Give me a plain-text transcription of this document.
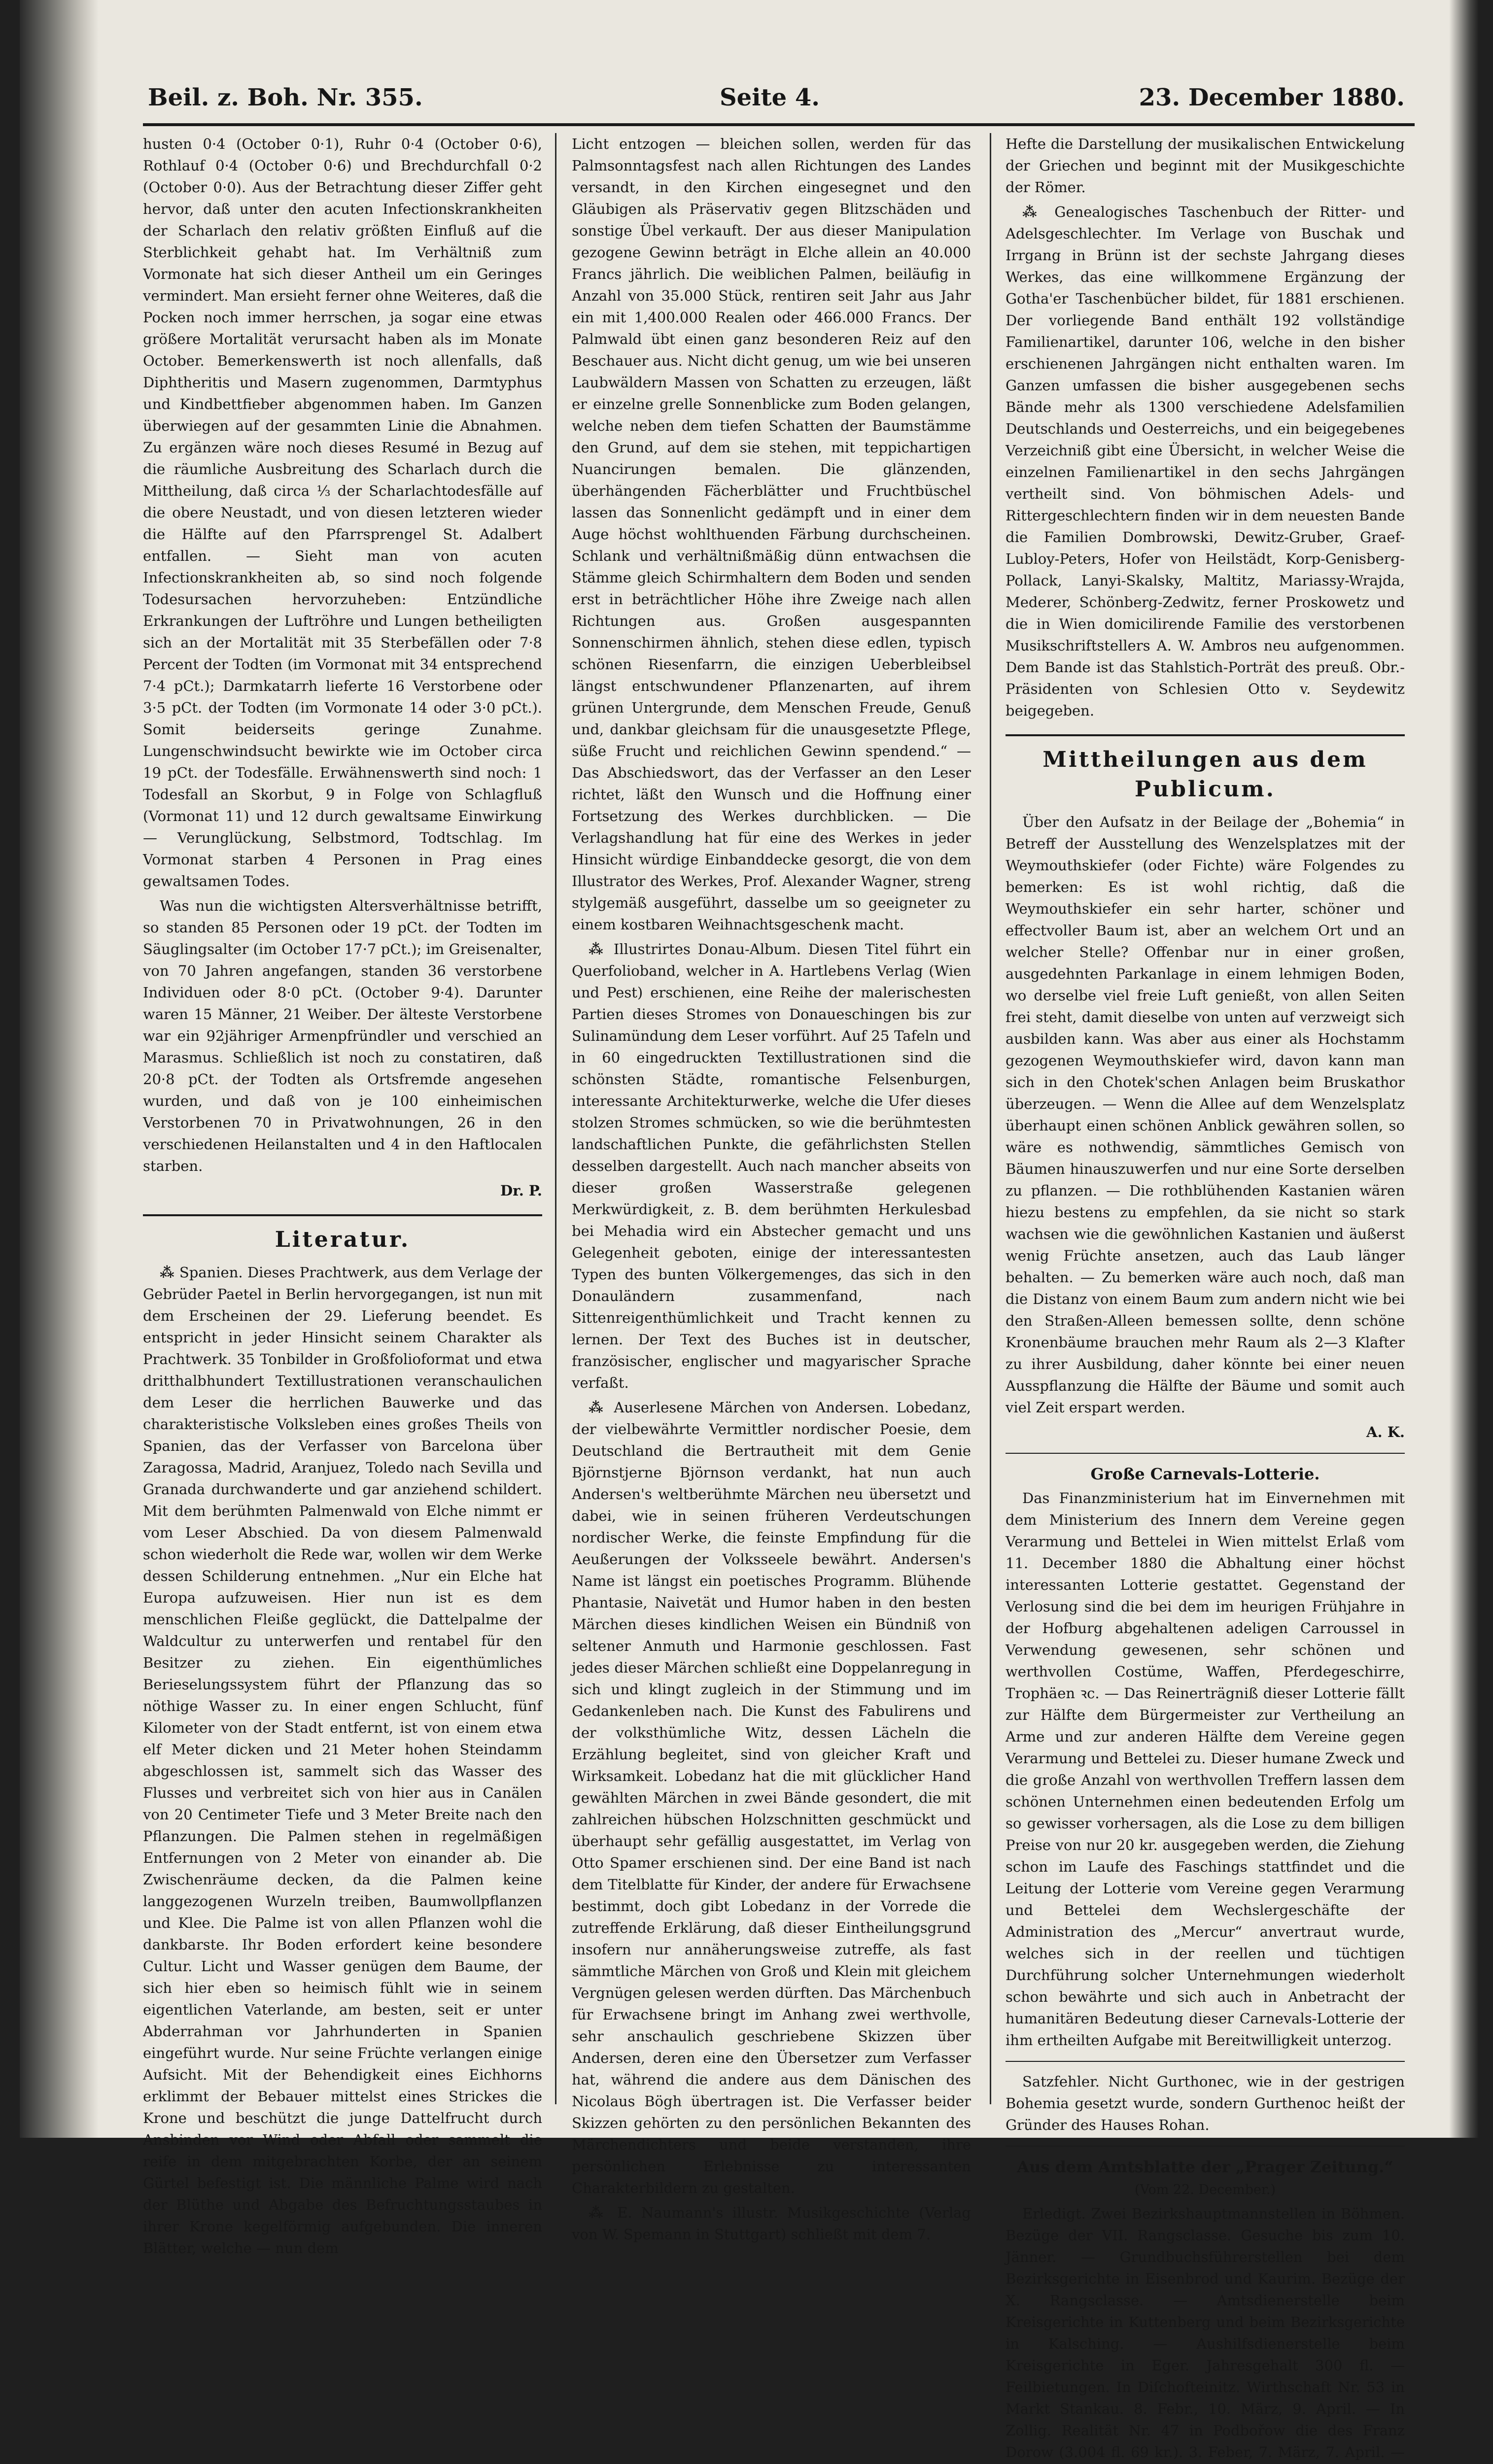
Beil. z. Boh. Nr. 355.	Seite 4.	23. December 1880.

husten 0·4 (October 0·1), Ruhr 0·4 (October 0·6), Rothlauf 0·4 (October 0·6) und Brechdurchfall 0·2 (October 0·0). Aus der Betrachtung dieser Ziffer geht hervor, daß unter den acuten Infectionskrankheiten der Scharlach den relativ größten Einfluß auf die Sterblichkeit gehabt hat. Im Verhältniß zum Vormonate hat sich dieser Antheil um ein Geringes vermindert. Man ersieht ferner ohne Weiteres, daß die Pocken noch immer herrschen, ja sogar eine etwas größere Mortalität verursacht haben als im Monate October. Bemerkenswerth ist noch allenfalls, daß Diphtheritis und Masern zugenommen, Darmtyphus und Kindbettfieber abgenommen haben. Im Ganzen überwiegen auf der gesammten Linie die Abnahmen. Zu ergänzen wäre noch dieses Resumé in Bezug auf die räumliche Ausbreitung des Scharlach durch die Mittheilung, daß circa ⅓ der Scharlachtodesfälle auf die obere Neustadt, und von diesen letzteren wieder die Hälfte auf den Pfarrsprengel St. Adalbert entfallen. — Sieht man von acuten Infectionskrankheiten ab, so sind noch folgende Todesursachen hervorzuheben: Entzündliche Erkrankungen der Luftröhre und Lungen betheiligten sich an der Mortalität mit 35 Sterbefällen oder 7·8 Percent der Todten (im Vormonat mit 34 entsprechend 7·4 pCt.); Darmkatarrh lieferte 16 Verstorbene oder 3·5 pCt. der Todten (im Vormonate 14 oder 3·0 pCt.). Somit beiderseits geringe Zunahme. Lungenschwindsucht bewirkte wie im October circa 19 pCt. der Todesfälle. Erwähnenswerth sind noch: 1 Todesfall an Skorbut, 9 in Folge von Schlagfluß (Vormonat 11) und 12 durch gewaltsame Einwirkung — Verunglückung, Selbstmord, Todtschlag. Im Vormonat starben 4 Personen in Prag eines gewaltsamen Todes.

Was nun die wichtigsten Altersverhältnisse betrifft, so standen 85 Personen oder 19 pCt. der Todten im Säuglingsalter (im October 17·7 pCt.); im Greisenalter, von 70 Jahren angefangen, standen 36 verstorbene Individuen oder 8·0 pCt. (October 9·4). Darunter waren 15 Männer, 21 Weiber. Der älteste Verstorbene war ein 92jähriger Armenpfründler und verschied an Marasmus. Schließlich ist noch zu constatiren, daß 20·8 pCt. der Todten als Ortsfremde angesehen wurden, und daß von je 100 einheimischen Verstorbenen 70 in Privatwohnungen, 26 in den verschiedenen Heilanstalten und 4 in den Haftlocalen starben.

Dr. P.
Literatur.

⁂ Spanien. Dieses Prachtwerk, aus dem Verlage der Gebrüder Paetel in Berlin hervorgegangen, ist nun mit dem Erscheinen der 29. Lieferung beendet. Es entspricht in jeder Hinsicht seinem Charakter als Prachtwerk. 35 Tonbilder in Großfolioformat und etwa dritthalbhundert Textillustrationen veranschaulichen dem Leser die herrlichen Bauwerke und das charakteristische Volksleben eines großes Theils von Spanien, das der Verfasser von Barcelona über Zaragossa, Madrid, Aranjuez, Toledo nach Sevilla und Granada durchwanderte und gar anziehend schildert. Mit dem berühmten Palmenwald von Elche nimmt er vom Leser Abschied. Da von diesem Palmenwald schon wiederholt die Rede war, wollen wir dem Werke dessen Schilderung entnehmen. „Nur ein Elche hat Europa aufzuweisen. Hier nun ist es dem menschlichen Fleiße geglückt, die Dattelpalme der Waldcultur zu unterwerfen und rentabel für den Besitzer zu ziehen. Ein eigenthümliches Berieselungssystem führt der Pflanzung das so nöthige Wasser zu. In einer engen Schlucht, fünf Kilometer von der Stadt entfernt, ist von einem etwa elf Meter dicken und 21 Meter hohen Steindamm abgeschlossen ist, sammelt sich das Wasser des Flusses und verbreitet sich von hier aus in Canälen von 20 Centimeter Tiefe und 3 Meter Breite nach den Pflanzungen. Die Palmen stehen in regelmäßigen Entfernungen von 2 Meter von einander ab. Die Zwischenräume decken, da die Palmen keine langgezogenen Wurzeln treiben, Baumwollpflanzen und Klee. Die Palme ist von allen Pflanzen wohl die dankbarste. Ihr Boden erfordert keine besondere Cultur. Licht und Wasser genügen dem Baume, der sich hier eben so heimisch fühlt wie in seinem eigentlichen Vaterlande, am besten, seit er unter Abderrahman vor Jahrhunderten in Spanien eingeführt wurde. Nur seine Früchte verlangen einige Aufsicht. Mit der Behendigkeit eines Eichhorns erklimmt der Bebauer mittelst eines Strickes die Krone und beschützt die junge Dattelfrucht durch Ansbinden vor Wind oder Abfall oder sammelt die reife in dem mitgebrachten Korbe, der an seinem Gürtel befestigt ist. Die männliche Palme wird nach der Blüthe und Abgabe des Befruchtungsstaubes in ihrer Krone kegelförmig aufgebunden. Die inneren Blätter, welche — nun dem

Licht entzogen — bleichen sollen, werden für das Palmsonntagsfest nach allen Richtungen des Landes versandt, in den Kirchen eingesegnet und den Gläubigen als Präservativ gegen Blitzschäden und sonstige Übel verkauft. Der aus dieser Manipulation gezogene Gewinn beträgt in Elche allein an 40.000 Francs jährlich. Die weiblichen Palmen, beiläufig in Anzahl von 35.000 Stück, rentiren seit Jahr aus Jahr ein mit 1,400.000 Realen oder 466.000 Francs. Der Palmwald übt einen ganz besonderen Reiz auf den Beschauer aus. Nicht dicht genug, um wie bei unseren Laubwäldern Massen von Schatten zu erzeugen, läßt er einzelne grelle Sonnenblicke zum Boden gelangen, welche neben dem tiefen Schatten der Baumstämme den Grund, auf dem sie stehen, mit teppichartigen Nuancirungen bemalen. Die glänzenden, überhängenden Fächerblätter und Fruchtbüschel lassen das Sonnenlicht gedämpft und in einer dem Auge höchst wohlthuenden Färbung durchscheinen. Schlank und verhältnißmäßig dünn entwachsen die Stämme gleich Schirmhaltern dem Boden und senden erst in beträchtlicher Höhe ihre Zweige nach allen Richtungen aus. Großen ausgespannten Sonnenschirmen ähnlich, stehen diese edlen, typisch schönen Riesenfarrn, die einzigen Ueberbleibsel längst entschwundener Pflanzenarten, auf ihrem grünen Untergrunde, dem Menschen Freude, Genuß und, dankbar gleichsam für die unausgesetzte Pflege, süße Frucht und reichlichen Gewinn spendend.“ — Das Abschiedswort, das der Verfasser an den Leser richtet, läßt den Wunsch und die Hoffnung einer Fortsetzung des Werkes durchblicken. — Die Verlagshandlung hat für eine des Werkes in jeder Hinsicht würdige Einbanddecke gesorgt, die von dem Illustrator des Werkes, Prof. Alexander Wagner, streng stylgemäß ausgeführt, dasselbe um so geeigneter zu einem kostbaren Weihnachtsgeschenk macht.

⁂ Illustrirtes Donau-Album. Diesen Titel führt ein Querfolioband, welcher in A. Hartlebens Verlag (Wien und Pest) erschienen, eine Reihe der malerischesten Partien dieses Stromes von Donaueschingen bis zur Sulinamündung dem Leser vorführt. Auf 25 Tafeln und in 60 eingedruckten Textillustrationen sind die schönsten Städte, romantische Felsenburgen, interessante Architekturwerke, welche die Ufer dieses stolzen Stromes schmücken, so wie die berühmtesten landschaftlichen Punkte, die gefährlichsten Stellen desselben dargestellt. Auch nach mancher abseits von dieser großen Wasserstraße gelegenen Merkwürdigkeit, z. B. dem berühmten Herkulesbad bei Mehadia wird ein Abstecher gemacht und uns Gelegenheit geboten, einige der interessantesten Typen des bunten Völkergemenges, das sich in den Donauländern zusammenfand, nach Sittenreigenthümlichkeit und Tracht kennen zu lernen. Der Text des Buches ist in deutscher, französischer, englischer und magyarischer Sprache verfaßt.

⁂ Auserlesene Märchen von Andersen. Lobedanz, der vielbewährte Vermittler nordischer Poesie, dem Deutschland die Bertrautheit mit dem Genie Björnstjerne Björnson verdankt, hat nun auch Andersen's weltberühmte Märchen neu übersetzt und dabei, wie in seinen früheren Verdeutschungen nordischer Werke, die feinste Empfindung für die Aeußerungen der Volksseele bewährt. Andersen's Name ist längst ein poetisches Programm. Blühende Phantasie, Naivetät und Humor haben in den besten Märchen dieses kindlichen Weisen ein Bündniß von seltener Anmuth und Harmonie geschlossen. Fast jedes dieser Märchen schließt eine Doppelanregung in sich und klingt zugleich in der Stimmung und im Gedankenleben nach. Die Kunst des Fabulirens und der volksthümliche Witz, dessen Lächeln die Erzählung begleitet, sind von gleicher Kraft und Wirksamkeit. Lobedanz hat die mit glücklicher Hand gewählten Märchen in zwei Bände gesondert, die mit zahlreichen hübschen Holzschnitten geschmückt und überhaupt sehr gefällig ausgestattet, im Verlag von Otto Spamer erschienen sind. Der eine Band ist nach dem Titelblatte für Kinder, der andere für Erwachsene bestimmt, doch gibt Lobedanz in der Vorrede die zutreffende Erklärung, daß dieser Eintheilungsgrund insofern nur annäherungsweise zutreffe, als fast sämmtliche Märchen von Groß und Klein mit gleichem Vergnügen gelesen werden dürften. Das Märchenbuch für Erwachsene bringt im Anhang zwei werthvolle, sehr anschaulich geschriebene Skizzen über Andersen, deren eine den Übersetzer zum Verfasser hat, während die andere aus dem Dänischen des Nicolaus Bögh übertragen ist. Die Verfasser beider Skizzen gehörten zu den persönlichen Bekannten des Märchendichters und beide verstanden, ihre persönlichen Erlebnisse zu interessanten Charakterbildern zu gestalten.

⁂ E. Naumann's illustr. Musikgeschichte (Verlag von W. Spemann in Stuttgart) schließt mit dem 7.

Hefte die Darstellung der musikalischen Entwickelung der Griechen und beginnt mit der Musikgeschichte der Römer.

⁂ Genealogisches Taschenbuch der Ritter- und Adelsgeschlechter. Im Verlage von Buschak und Irrgang in Brünn ist der sechste Jahrgang dieses Werkes, das eine willkommene Ergänzung der Gotha'er Taschenbücher bildet, für 1881 erschienen. Der vorliegende Band enthält 192 vollständige Familienartikel, darunter 106, welche in den bisher erschienenen Jahrgängen nicht enthalten waren. Im Ganzen umfassen die bisher ausgegebenen sechs Bände mehr als 1300 verschiedene Adelsfamilien Deutschlands und Oesterreichs, und ein beigegebenes Verzeichniß gibt eine Übersicht, in welcher Weise die einzelnen Familienartikel in den sechs Jahrgängen vertheilt sind. Von böhmischen Adels- und Rittergeschlechtern finden wir in dem neuesten Bande die Familien Dombrowski, Dewitz-Gruber, Graef-Lubloy-Peters, Hofer von Heilstädt, Korp-Genisberg-Pollack, Lanyi-Skalsky, Maltitz, Mariassy-Wrajda, Mederer, Schönberg-Zedwitz, ferner Proskowetz und die in Wien domicilirende Familie des verstorbenen Musikschriftstellers A. W. Ambros neu aufgenommen. Dem Bande ist das Stahlstich-Porträt des preuß. Obr.-Präsidenten von Schlesien Otto v. Seydewitz beigegeben.

Mittheilungen aus dem Publicum.

Über den Aufsatz in der Beilage der „Bohemia“ in Betreff der Ausstellung des Wenzelsplatzes mit der Weymouthskiefer (oder Fichte) wäre Folgendes zu bemerken: Es ist wohl richtig, daß die Weymouthskiefer ein sehr harter, schöner und effectvoller Baum ist, aber an welchem Ort und an welcher Stelle? Offenbar nur in einer großen, ausgedehnten Parkanlage in einem lehmigen Boden, wo derselbe viel freie Luft genießt, von allen Seiten frei steht, damit dieselbe von unten auf verzweigt sich ausbilden kann. Was aber aus einer als Hochstamm gezogenen Weymouthskiefer wird, davon kann man sich in den Chotek'schen Anlagen beim Bruskathor überzeugen. — Wenn die Allee auf dem Wenzelsplatz überhaupt einen schönen Anblick gewähren sollen, so wäre es nothwendig, sämmtliches Gemisch von Bäumen hinauszuwerfen und nur eine Sorte derselben zu pflanzen. — Die rothblühenden Kastanien wären hiezu bestens zu empfehlen, da sie nicht so stark wachsen wie die gewöhnlichen Kastanien und äußerst wenig Früchte ansetzen, auch das Laub länger behalten. — Zu bemerken wäre auch noch, daß man die Distanz von einem Baum zum andern nicht wie bei den Straßen-Alleen bemessen sollte, denn schöne Kronenbäume brauchen mehr Raum als 2—3 Klafter zu ihrer Ausbildung, daher könnte bei einer neuen Ausspflanzung die Hälfte der Bäume und somit auch viel Zeit erspart werden.

A. K.
Große Carnevals-Lotterie.

Das Finanzministerium hat im Einvernehmen mit dem Ministerium des Innern dem Vereine gegen Verarmung und Bettelei in Wien mittelst Erlaß vom 11. December 1880 die Abhaltung einer höchst interessanten Lotterie gestattet. Gegenstand der Verlosung sind die bei dem im heurigen Frühjahre in der Hofburg abgehaltenen adeligen Carroussel in Verwendung gewesenen, sehr schönen und werthvollen Costüme, Waffen, Pferdegeschirre, Trophäen ꝛc. — Das Reinerträgniß dieser Lotterie fällt zur Hälfte dem Bürgermeister zur Vertheilung an Arme und zur anderen Hälfte dem Vereine gegen Verarmung und Bettelei zu. Dieser humane Zweck und die große Anzahl von werthvollen Treffern lassen dem schönen Unternehmen einen bedeutenden Erfolg um so gewisser vorhersagen, als die Lose zu dem billigen Preise von nur 20 kr. ausgegeben werden, die Ziehung schon im Laufe des Faschings stattfindet und die Leitung der Lotterie vom Vereine gegen Verarmung und Bettelei dem Wechslergeschäfte der Administration des „Mercur“ anvertraut wurde, welches sich in der reellen und tüchtigen Durchführung solcher Unternehmungen wiederholt schon bewährte und sich auch in Anbetracht der humanitären Bedeutung dieser Carnevals-Lotterie der ihm ertheilten Aufgabe mit Bereitwilligkeit unterzog.

Satzfehler. Nicht Gurthonec, wie in der gestrigen Bohemia gesetzt wurde, sondern Gurthenoc heißt der Gründer des Hauses Rohan.

Aus dem Amtsblatte der „Prager Zeitung.“
(Vom 22. December.)

Erledigt. Zwei Bezirkshauptmannstellen in Böhmen. Bezüge der VII. Rangsclasse. Gesuche bis zum 10. Jänner. — Grundbuchsführerstellen bei dem Bezirksgerichte in Eisenbrod und Kaurim. Bezüge der X. Rangsclasse. — Amtsdienerstelle beim Kreisgerichte in Kuttenberg und beim Bezirksgerichte in Kalsching. — Aushilfsdienerstelle beim Kreisgerichte in Eger. Jahresgehalt 300 fl. — Feilbietungen. In Diſchofteinitz. Wirthschaft Nr. 53 in Markt Stankau. 8. Febr., 10. März, 9. April. — In Zollig. Realität Nr. 47 in Podbořow die des Franz Dorow (3.004 fl. 69 kr.). 3. Feber, 7. März, 7. April. —
